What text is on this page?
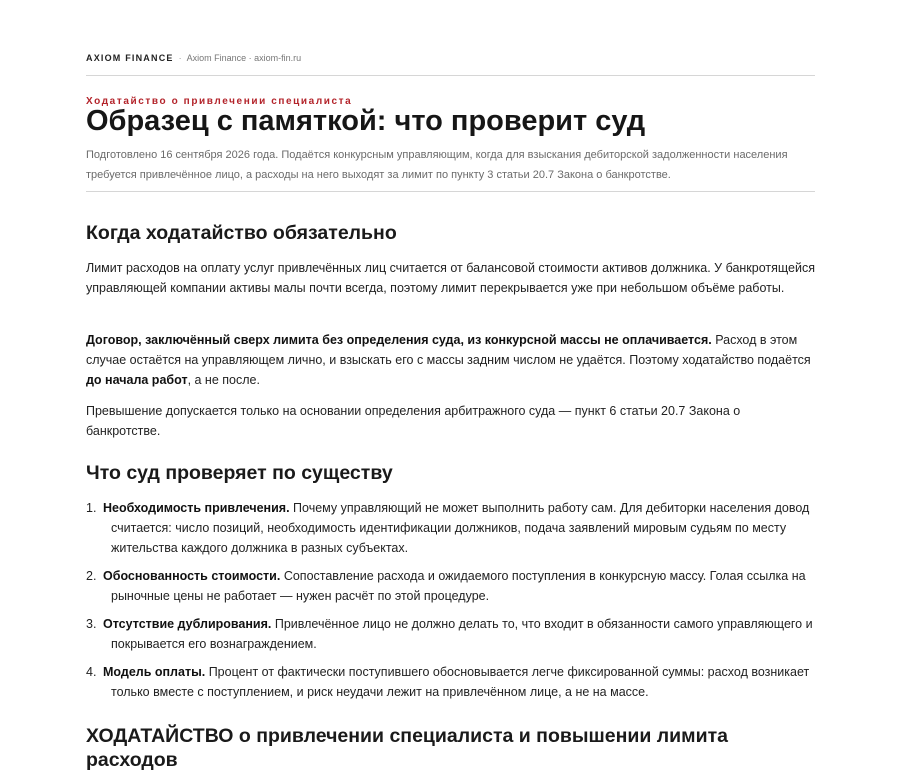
AXIOM FINANCE · Axiom Finance · axiom-fin.ru
Ходатайство о привлечении специалиста
Образец с памяткой: что проверит суд

Подготовлено 16 сентября 2026 года. Подаётся конкурсным управляющим, когда для взыскания дебиторской задолженности населения требуется привлечённое лицо, а расходы на него выходят за лимит по пункту 3 статьи 20.7 Закона о банкротстве.

Когда ходатайство обязательно

Лимит расходов на оплату услуг привлечённых лиц считается от балансовой стоимости активов должника. У банкротящейся управляющей компании активы малы почти всегда, поэтому лимит перекрывается уже при небольшом объёме работы.

Договор, заключённый сверх лимита без определения суда, из конкурсной массы не оплачивается. Расход в этом случае остаётся на управляющем лично, и взыскать его с массы задним числом не удаётся. Поэтому ходатайство подаётся до начала работ, а не после.

Превышение допускается только на основании определения арбитражного суда — пункт 6 статьи 20.7 Закона о банкротстве.

Что суд проверяет по существу
1. Необходимость привлечения. Почему управляющий не может выполнить работу сам. Для дебиторки населения довод считается: число позиций, необходимость идентификации должников, подача заявлений мировым судьям по месту жительства каждого должника в разных субъектах.
2. Обоснованность стоимости. Сопоставление расхода и ожидаемого поступления в конкурсную массу. Голая ссылка на рыночные цены не работает — нужен расчёт по этой процедуре.
3. Отсутствие дублирования. Привлечённое лицо не должно делать то, что входит в обязанности самого управляющего и покрывается его вознаграждением.
4. Модель оплаты. Процент от фактически поступившего обосновывается легче фиксированной суммы: расход возникает только вместе с поступлением, и риск неудачи лежит на привлечённом лице, а не на массе.
ХОДАТАЙСТВО о привлечении специалиста и повышении лимита расходов
